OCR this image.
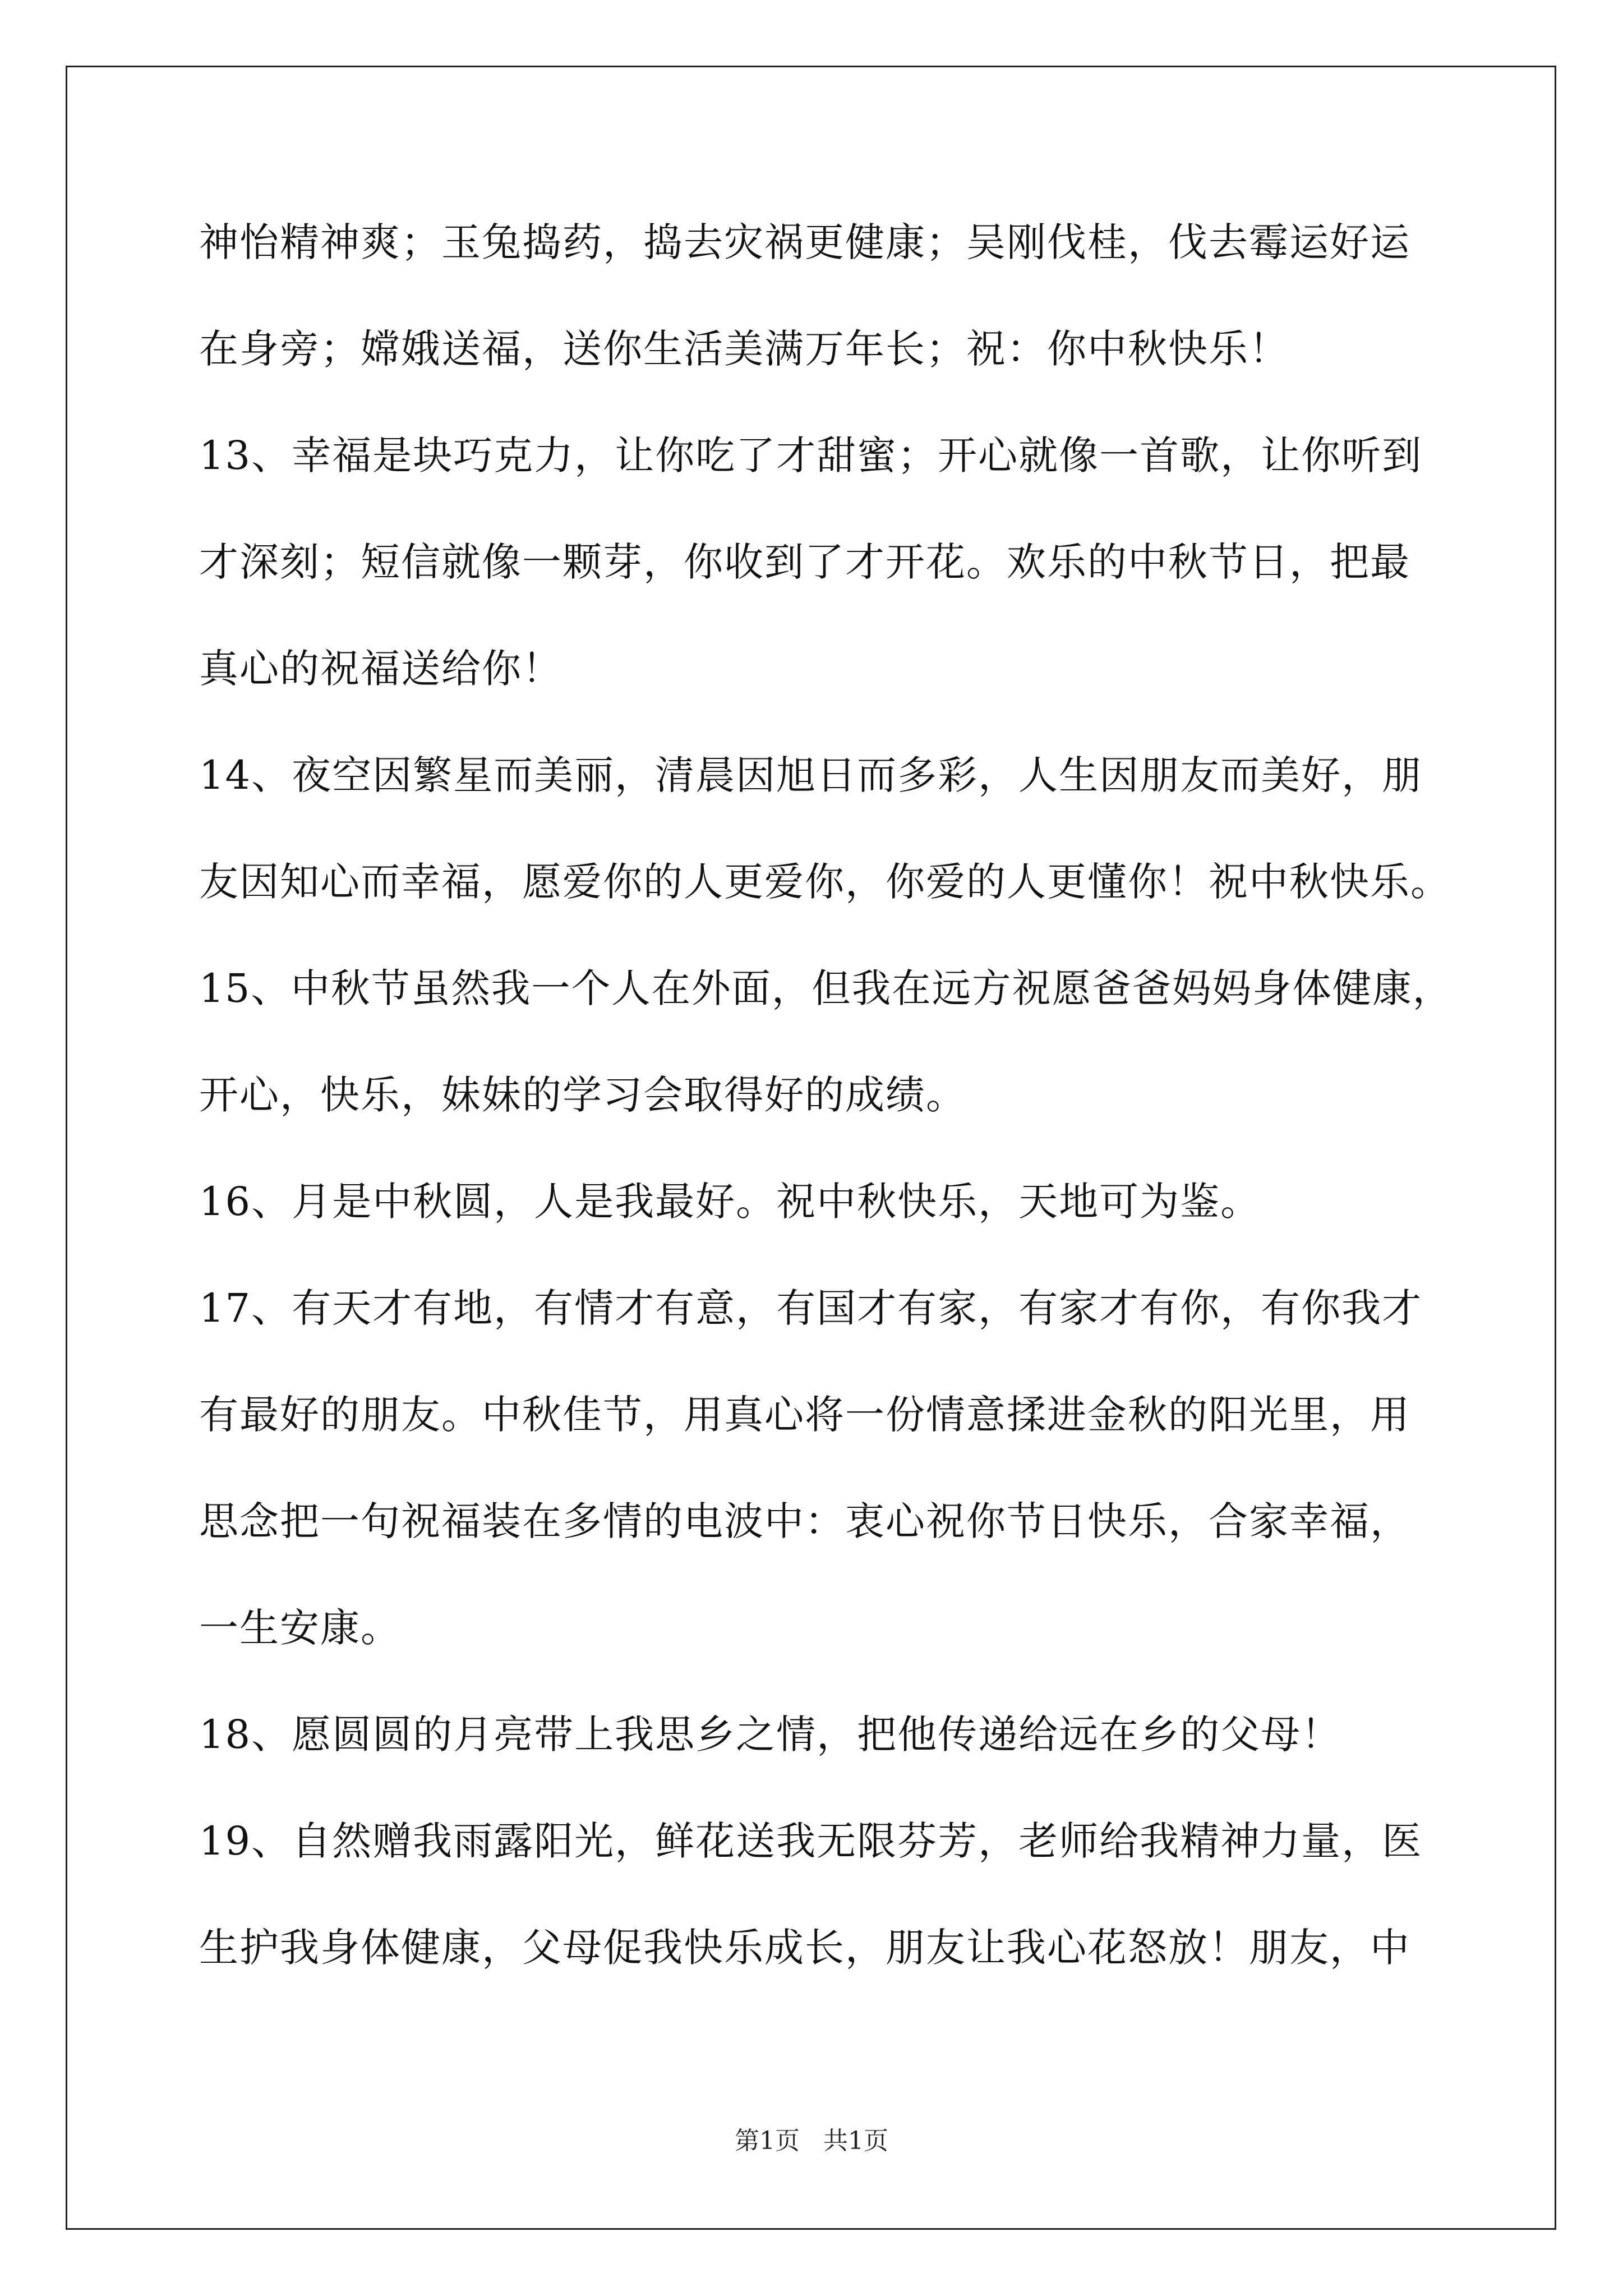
神怡精神爽；玉兔捣药，捣去灾祸更健康；吴刚伐桂，伐去霉运好运
在身旁；嫦娥送福，送你生活美满万年长；祝：你中秋快乐！
13、幸福是块巧克力，让你吃了才甜蜜；开心就像一首歌，让你听到
才深刻；短信就像一颗芽，你收到了才开花。欢乐的中秋节日，把最
真心的祝福送给你！
14、夜空因繁星而美丽，清晨因旭日而多彩，人生因朋友而美好，朋
友因知心而幸福，愿爱你的人更爱你，你爱的人更懂你！祝中秋快乐。
15、中秋节虽然我一个人在外面，但我在远方祝愿爸爸妈妈身体健康，
开心，快乐，妹妹的学习会取得好的成绩。
16、月是中秋圆，人是我最好。祝中秋快乐，天地可为鉴。
17、有天才有地，有情才有意，有国才有家，有家才有你，有你我才
有最好的朋友。中秋佳节，用真心将一份情意揉进金秋的阳光里，用
思念把一句祝福装在多情的电波中：衷心祝你节日快乐，合家幸福，
一生安康。
18、愿圆圆的月亮带上我思乡之情，把他传递给远在乡的父母！
19、自然赠我雨露阳光，鲜花送我无限芬芳，老师给我精神力量，医
生护我身体健康，父母促我快乐成长，朋友让我心花怒放！朋友，中
第1页   共1页
